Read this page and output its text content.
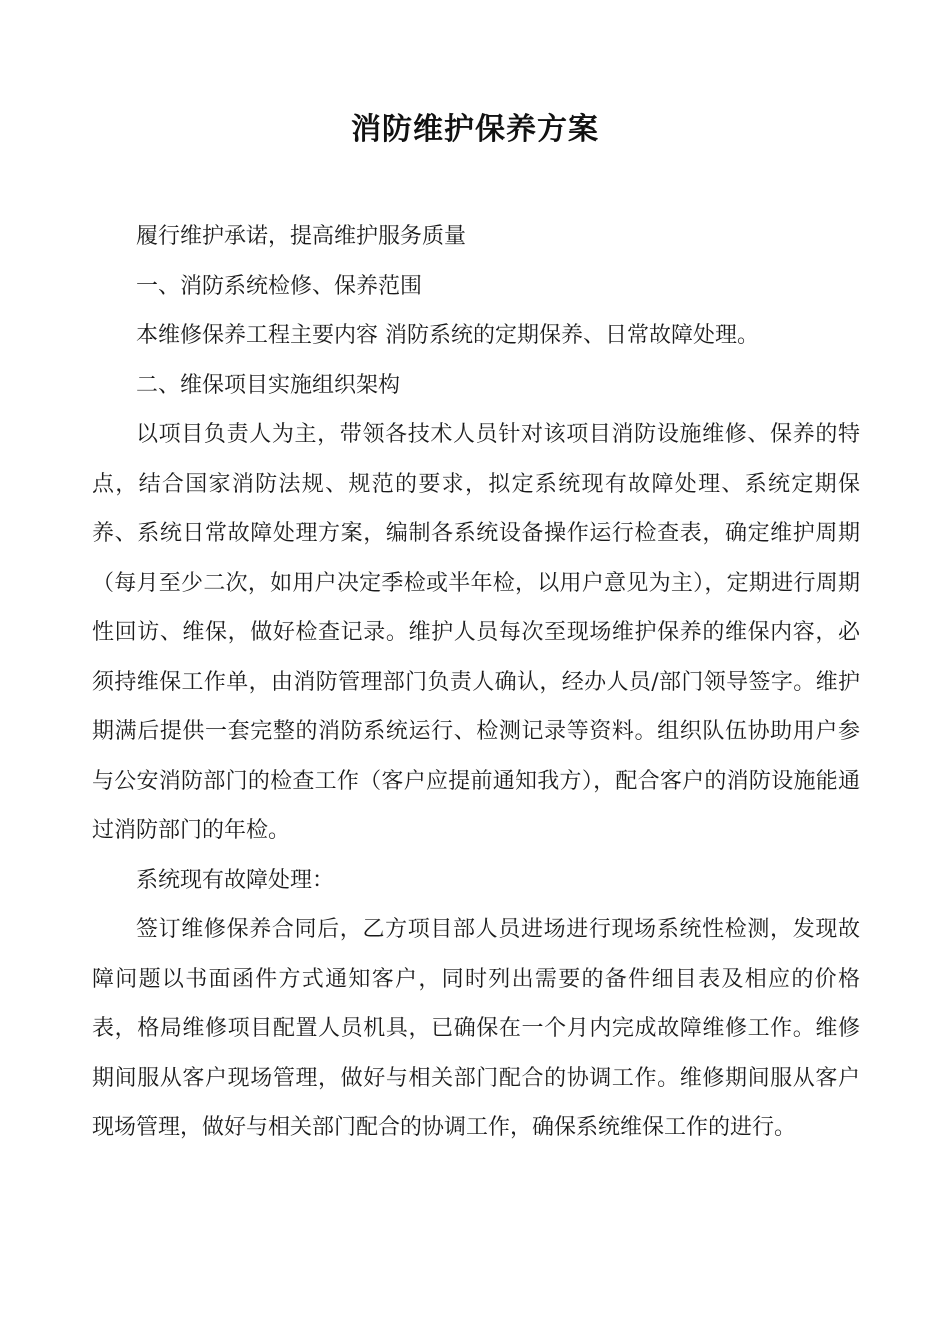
消防维护保养方案

履行维护承诺，提高维护服务质量

一、消防系统检修、保养范围

本维修保养工程主要内容 消防系统的定期保养、日常故障处理。

二、维保项目实施组织架构

以项目负责人为主，带领各技术人员针对该项目消防设施维修、保养的特点，结合国家消防法规、规范的要求，拟定系统现有故障处理、系统定期保养、系统日常故障处理方案，编制各系统设备操作运行检查表，确定维护周期（每月至少二次，如用户决定季检或半年检，以用户意见为主），定期进行周期性回访、维保，做好检查记录。维护人员每次至现场维护保养的维保内容，必须持维保工作单，由消防管理部门负责人确认，经办人员/部门领导签字。维护期满后提供一套完整的消防系统运行、检测记录等资料。组织队伍协助用户参与公安消防部门的检查工作（客户应提前通知我方），配合客户的消防设施能通过消防部门的年检。

系统现有故障处理：

签订维修保养合同后，乙方项目部人员进场进行现场系统性检测，发现故障问题以书面函件方式通知客户，同时列出需要的备件细目表及相应的价格表，格局维修项目配置人员机具，已确保在一个月内完成故障维修工作。维修期间服从客户现场管理，做好与相关部门配合的协调工作。维修期间服从客户现场管理，做好与相关部门配合的协调工作，确保系统维保工作的进行。
